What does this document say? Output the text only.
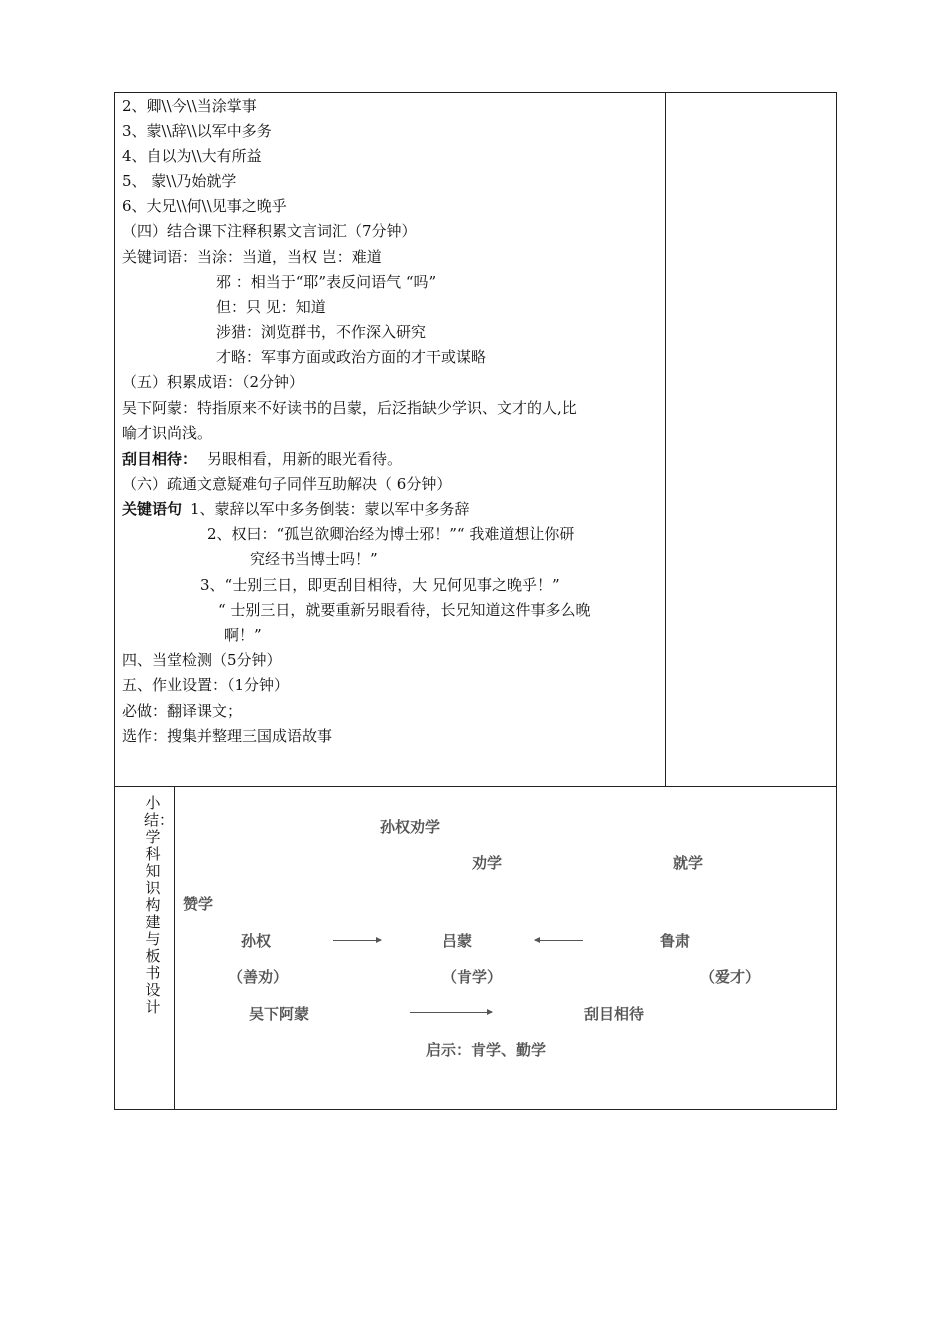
2、卿\\今\\当涂掌事
3、蒙\\辞\\以军中多务
4、自以为\\大有所益
5、 蒙\\乃始就学
6、大兄\\何\\见事之晚乎
（四）结合课下注释积累文言词汇（7分钟）
关键词语：当涂：当道，当权 岂：难道
邪 ：相当于“耶”表反问语气 “吗”
但：只 见：知道
涉猎：浏览群书，不作深入研究
才略：军事方面或政治方面的才干或谋略
（五）积累成语：（2分钟）
吴下阿蒙：特指原来不好读书的吕蒙，后泛指缺少学识、文才的人,比
喻才识尚浅。
刮目相待： 另眼相看，用新的眼光看待。
（六）疏通文意疑难句子同伴互助解决（ 6分钟）
关键语句 1、蒙辞以军中多务倒装：蒙以军中多务辞
2、权曰：“孤岂欲卿治经为博士邪！”“ 我难道想让你研
究经书当博士吗！”
3、“士别三日，即更刮目相待，大 兄何见事之晚乎！”
“ 士别三日，就要重新另眼看待，长兄知道这件事多么晚
啊！”
四、当堂检测（5分钟）
五、作业设置：（1分钟）
必做：翻译课文；
选作：搜集并整理三国成语故事
小结：学科知识构建与板书设计
孙权劝学
劝学	就学
赞学
孙权	吕蒙	鲁肃
（善劝）	（肯学）	（爱才）
吴下阿蒙	刮目相待
启示：肯学、勤学
